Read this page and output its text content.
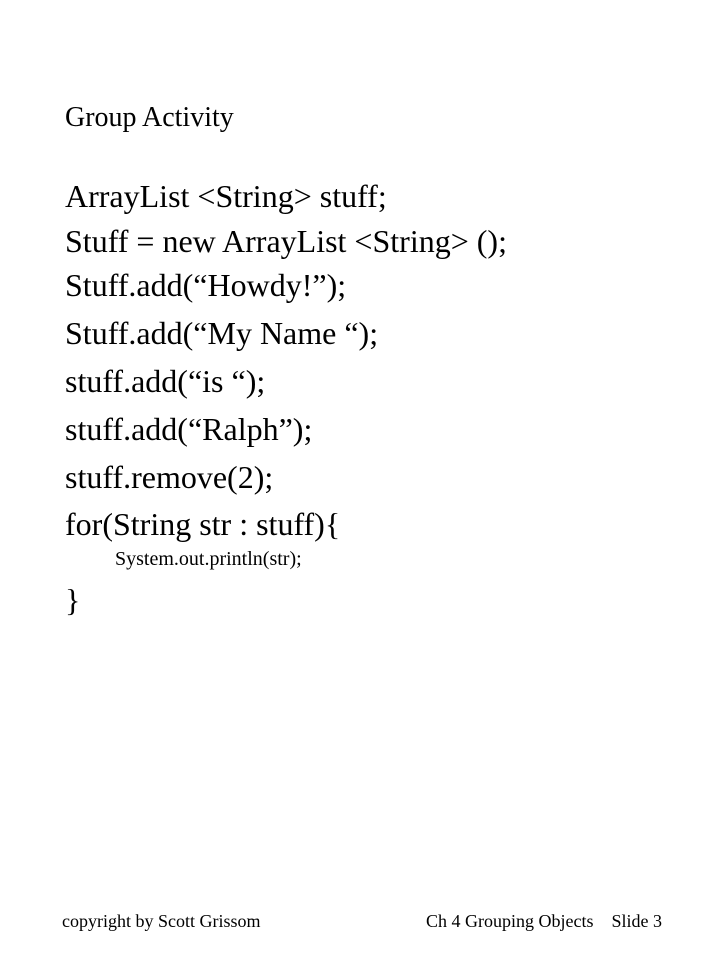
Group Activity
ArrayList <String> stuff;
Stuff = new ArrayList <String> ();
Stuff.add(“Howdy!”);
Stuff.add(“My Name “);
stuff.add(“is “);
stuff.add(“Ralph”);
stuff.remove(2);
for(String str : stuff){
System.out.println(str);
}
copyright by Scott Grissom	Ch 4 Grouping Objects    Slide 3
